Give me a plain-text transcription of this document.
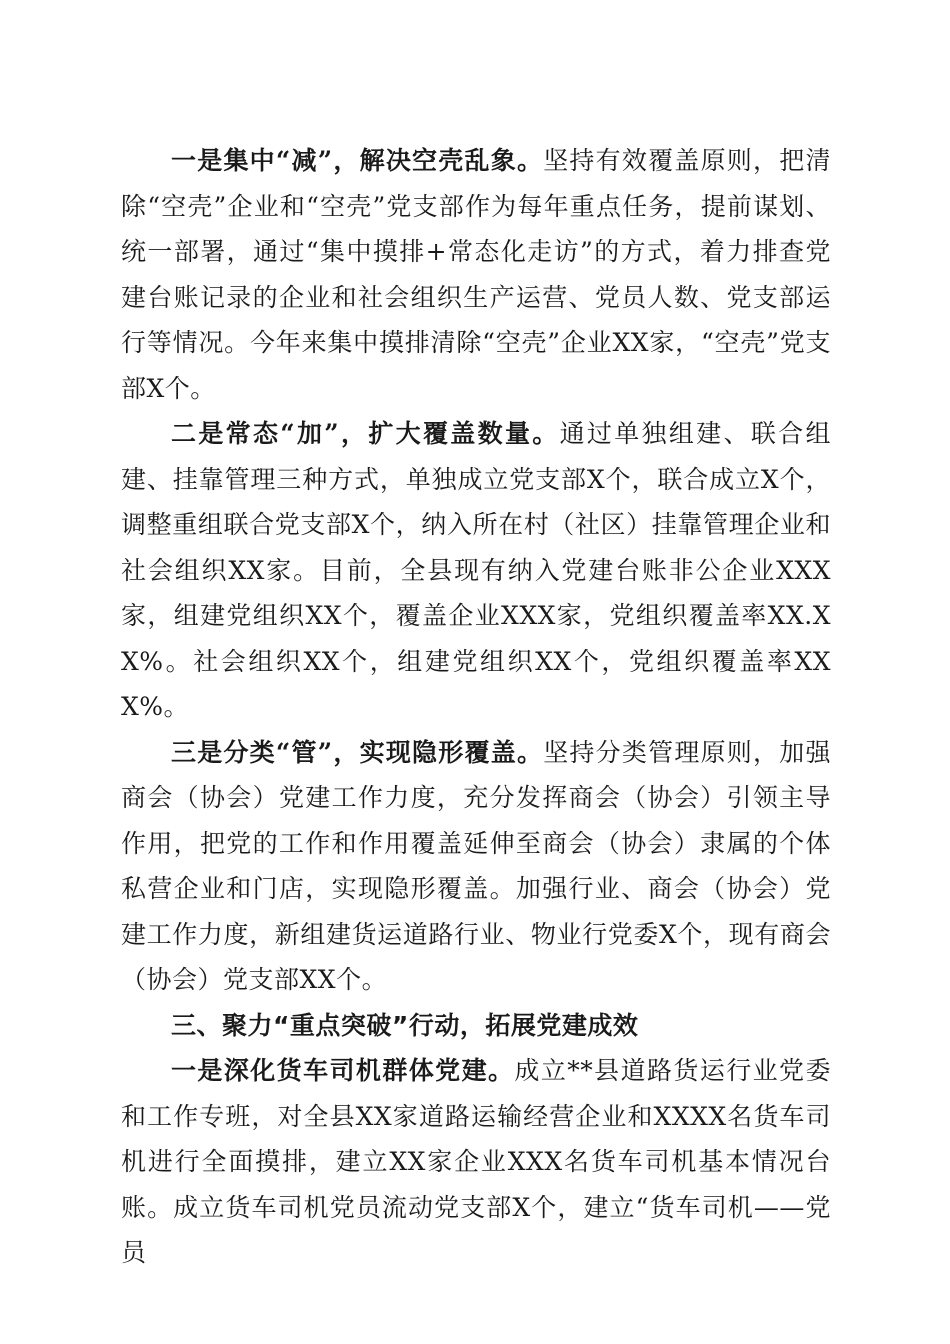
一是集中“减”，解决空壳乱象。坚持有效覆盖原则，把清除“空壳”企业和“空壳”党支部作为每年重点任务，提前谋划、统一部署，通过“集中摸排+常态化走访”的方式，着力排查党建台账记录的企业和社会组织生产运营、党员人数、党支部运行等情况。今年来集中摸排清除“空壳”企业XX家，“空壳”党支部X个。

二是常态“加”，扩大覆盖数量。通过单独组建、联合组建、挂靠管理三种方式，单独成立党支部X个，联合成立X个，调整重组联合党支部X个，纳入所在村（社区）挂靠管理企业和社会组织XX家。目前，全县现有纳入党建台账非公企业XXX家，组建党组织XX个，覆盖企业XXX家，党组织覆盖率XX.XX%。社会组织XX个，组建党组织XX个，党组织覆盖率XXX%。

三是分类“管”，实现隐形覆盖。坚持分类管理原则，加强商会（协会）党建工作力度，充分发挥商会（协会）引领主导作用，把党的工作和作用覆盖延伸至商会（协会）隶属的个体私营企业和门店，实现隐形覆盖。加强行业、商会（协会）党建工作力度，新组建货运道路行业、物业行党委X个，现有商会（协会）党支部XX个。

三、聚力“重点突破”行动，拓展党建成效

一是深化货车司机群体党建。成立**县道路货运行业党委和工作专班，对全县XX家道路运输经营企业和XXXX名货车司机进行全面摸排，建立XX家企业XXX名货车司机基本情况台账。成立货车司机党员流动党支部X个，建立“货车司机——党员
